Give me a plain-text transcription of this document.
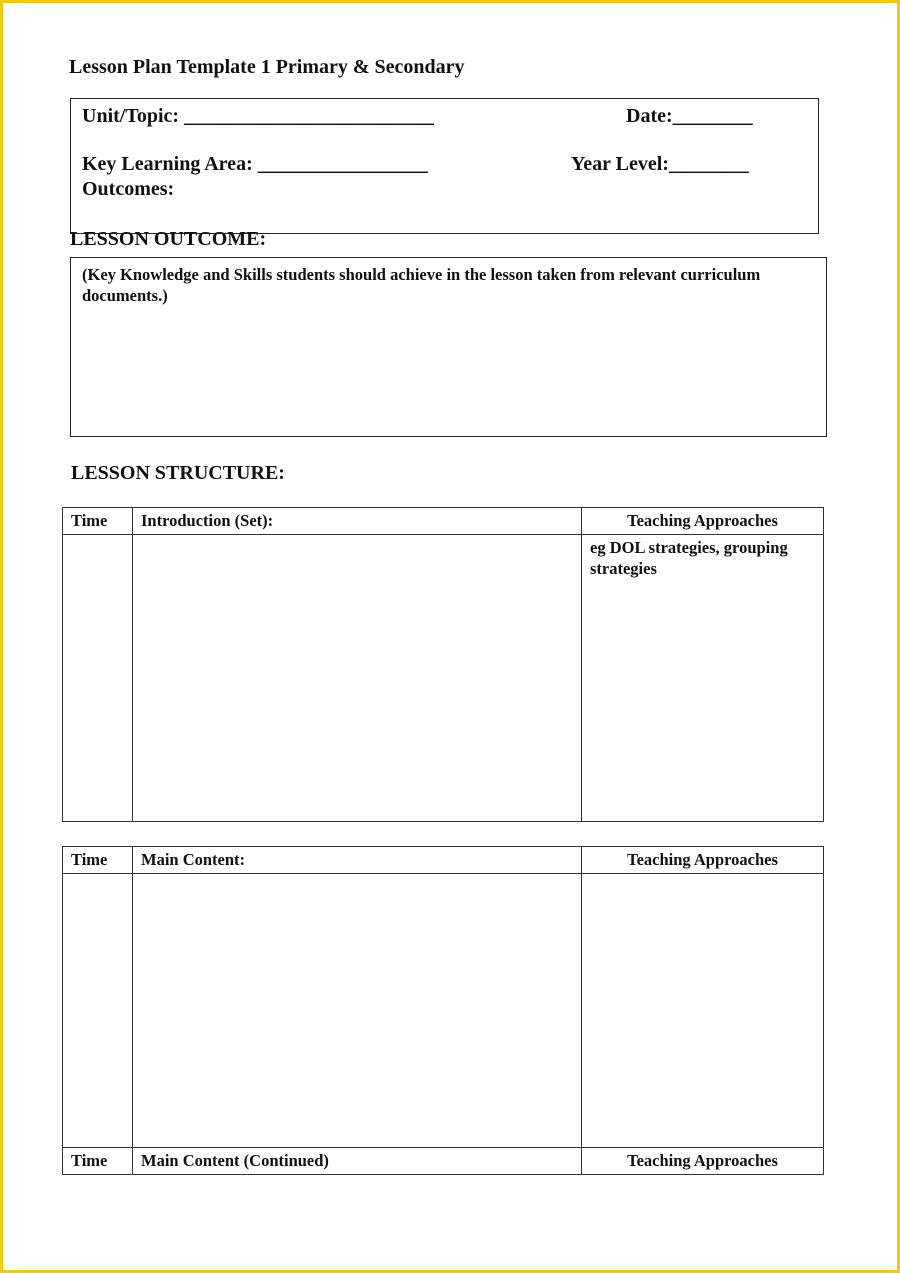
Lesson Plan Template 1 Primary & Secondary
Unit/Topic: _________________________	Date:________
Key Learning Area: _________________	Year Level:________
Outcomes:
LESSON OUTCOME:
(Key Knowledge and Skills students should achieve in the lesson taken from relevant curriculum documents.)
LESSON STRUCTURE:
Time	Introduction (Set):	Teaching Approaches

		eg DOL strategies, grouping strategies
Time	Main Content:	Teaching Approaches

Time	Main Content (Continued)	Teaching Approaches
